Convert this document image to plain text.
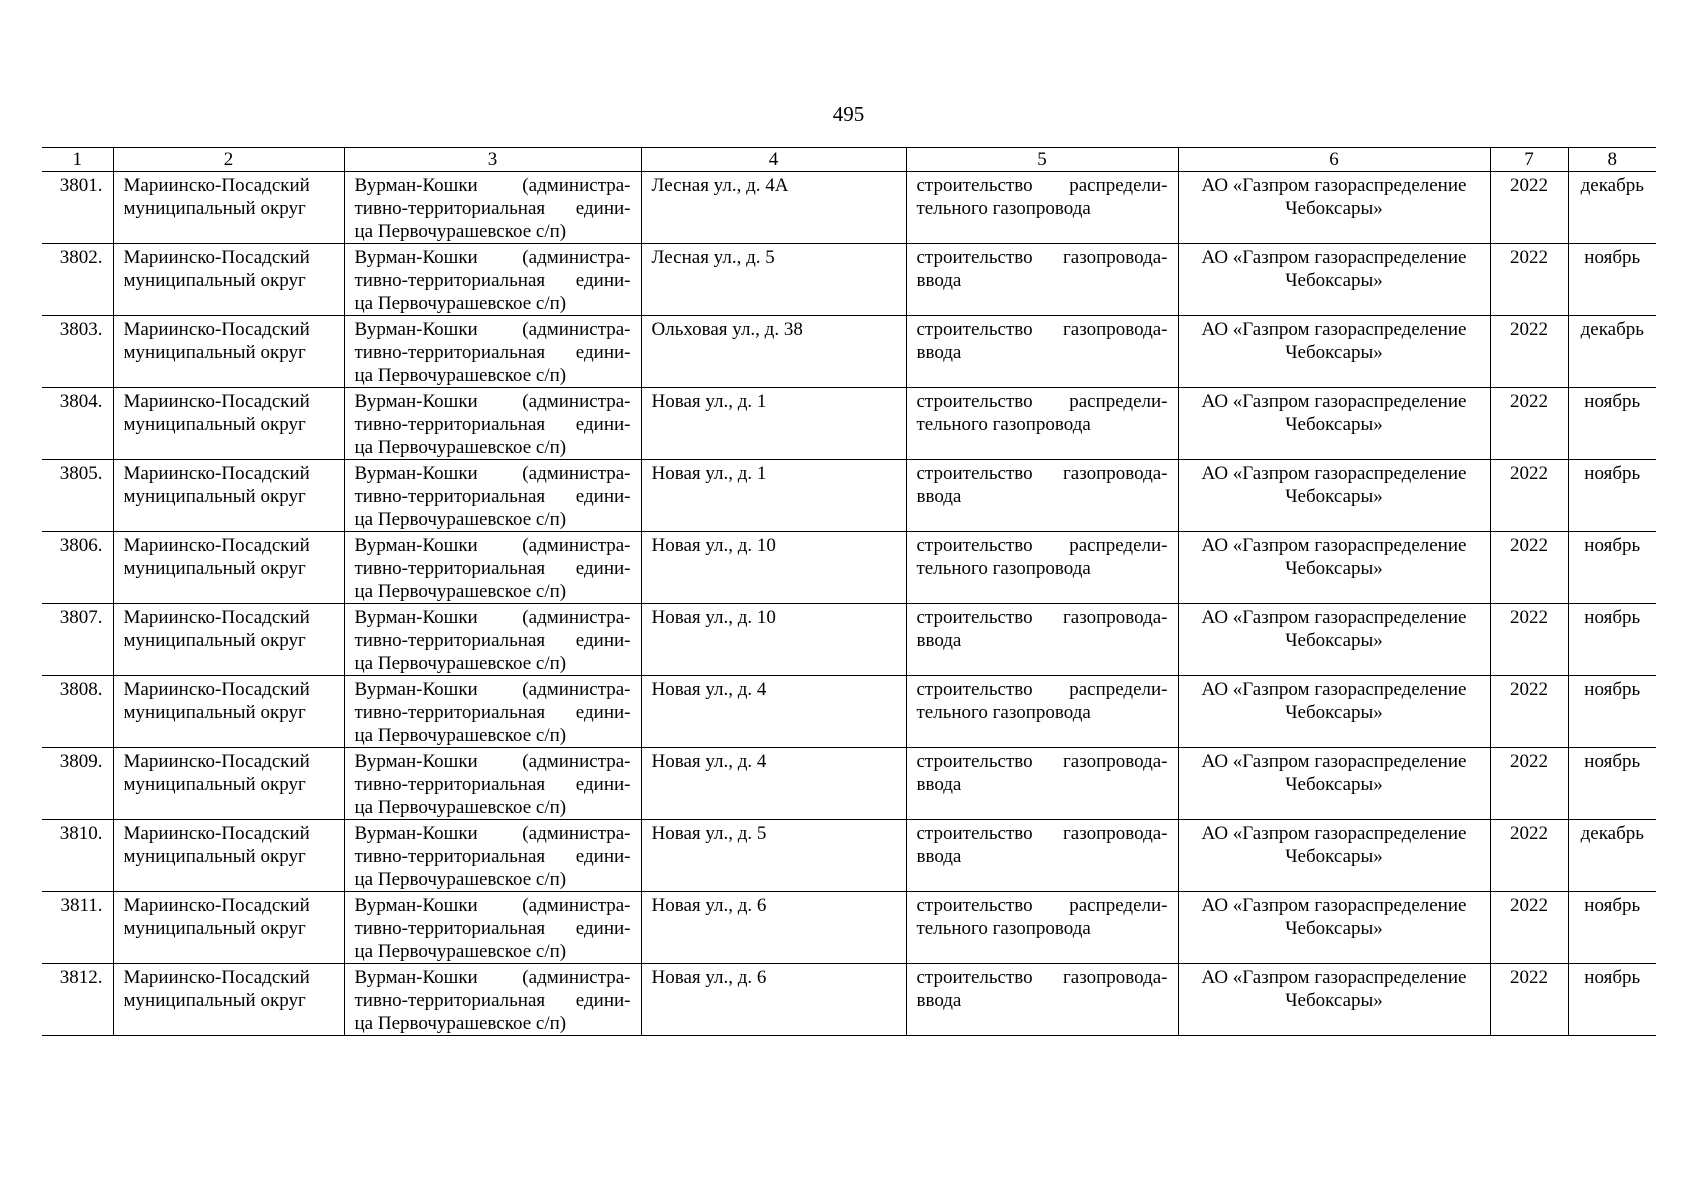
495
1	2	3	4	5	6	7	8

3801.	Мариинско-Посадский
муниципальный округ	Вурман-Кошки (администра-
тивно-территориальная едини-
ца Первочурашевское с/п)	Лесная ул., д. 4А	строительство распредели-
тельного газопровода	АО «Газпром газораспределение
Чебоксары»	2022	декабрь

3802.	Мариинско-Посадский
муниципальный округ	Вурман-Кошки (администра-
тивно-территориальная едини-
ца Первочурашевское с/п)	Лесная ул., д. 5	строительство газопровода-
ввода	АО «Газпром газораспределение
Чебоксары»	2022	ноябрь

3803.	Мариинско-Посадский
муниципальный округ	Вурман-Кошки (администра-
тивно-территориальная едини-
ца Первочурашевское с/п)	Ольховая ул., д. 38	строительство газопровода-
ввода	АО «Газпром газораспределение
Чебоксары»	2022	декабрь

3804.	Мариинско-Посадский
муниципальный округ	Вурман-Кошки (администра-
тивно-территориальная едини-
ца Первочурашевское с/п)	Новая ул., д. 1	строительство распредели-
тельного газопровода	АО «Газпром газораспределение
Чебоксары»	2022	ноябрь

3805.	Мариинско-Посадский
муниципальный округ	Вурман-Кошки (администра-
тивно-территориальная едини-
ца Первочурашевское с/п)	Новая ул., д. 1	строительство газопровода-
ввода	АО «Газпром газораспределение
Чебоксары»	2022	ноябрь

3806.	Мариинско-Посадский
муниципальный округ	Вурман-Кошки (администра-
тивно-территориальная едини-
ца Первочурашевское с/п)	Новая ул., д. 10	строительство распредели-
тельного газопровода	АО «Газпром газораспределение
Чебоксары»	2022	ноябрь

3807.	Мариинско-Посадский
муниципальный округ	Вурман-Кошки (администра-
тивно-территориальная едини-
ца Первочурашевское с/п)	Новая ул., д. 10	строительство газопровода-
ввода	АО «Газпром газораспределение
Чебоксары»	2022	ноябрь

3808.	Мариинско-Посадский
муниципальный округ	Вурман-Кошки (администра-
тивно-территориальная едини-
ца Первочурашевское с/п)	Новая ул., д. 4	строительство распредели-
тельного газопровода	АО «Газпром газораспределение
Чебоксары»	2022	ноябрь

3809.	Мариинско-Посадский
муниципальный округ	Вурман-Кошки (администра-
тивно-территориальная едини-
ца Первочурашевское с/п)	Новая ул., д. 4	строительство газопровода-
ввода	АО «Газпром газораспределение
Чебоксары»	2022	ноябрь

3810.	Мариинско-Посадский
муниципальный округ	Вурман-Кошки (администра-
тивно-территориальная едини-
ца Первочурашевское с/п)	Новая ул., д. 5	строительство газопровода-
ввода	АО «Газпром газораспределение
Чебоксары»	2022	декабрь

3811.	Мариинско-Посадский
муниципальный округ	Вурман-Кошки (администра-
тивно-территориальная едини-
ца Первочурашевское с/п)	Новая ул., д. 6	строительство распредели-
тельного газопровода	АО «Газпром газораспределение
Чебоксары»	2022	ноябрь

3812.	Мариинско-Посадский
муниципальный округ	Вурман-Кошки (администра-
тивно-территориальная едини-
ца Первочурашевское с/п)	Новая ул., д. 6	строительство газопровода-
ввода	АО «Газпром газораспределение
Чебоксары»	2022	ноябрь
